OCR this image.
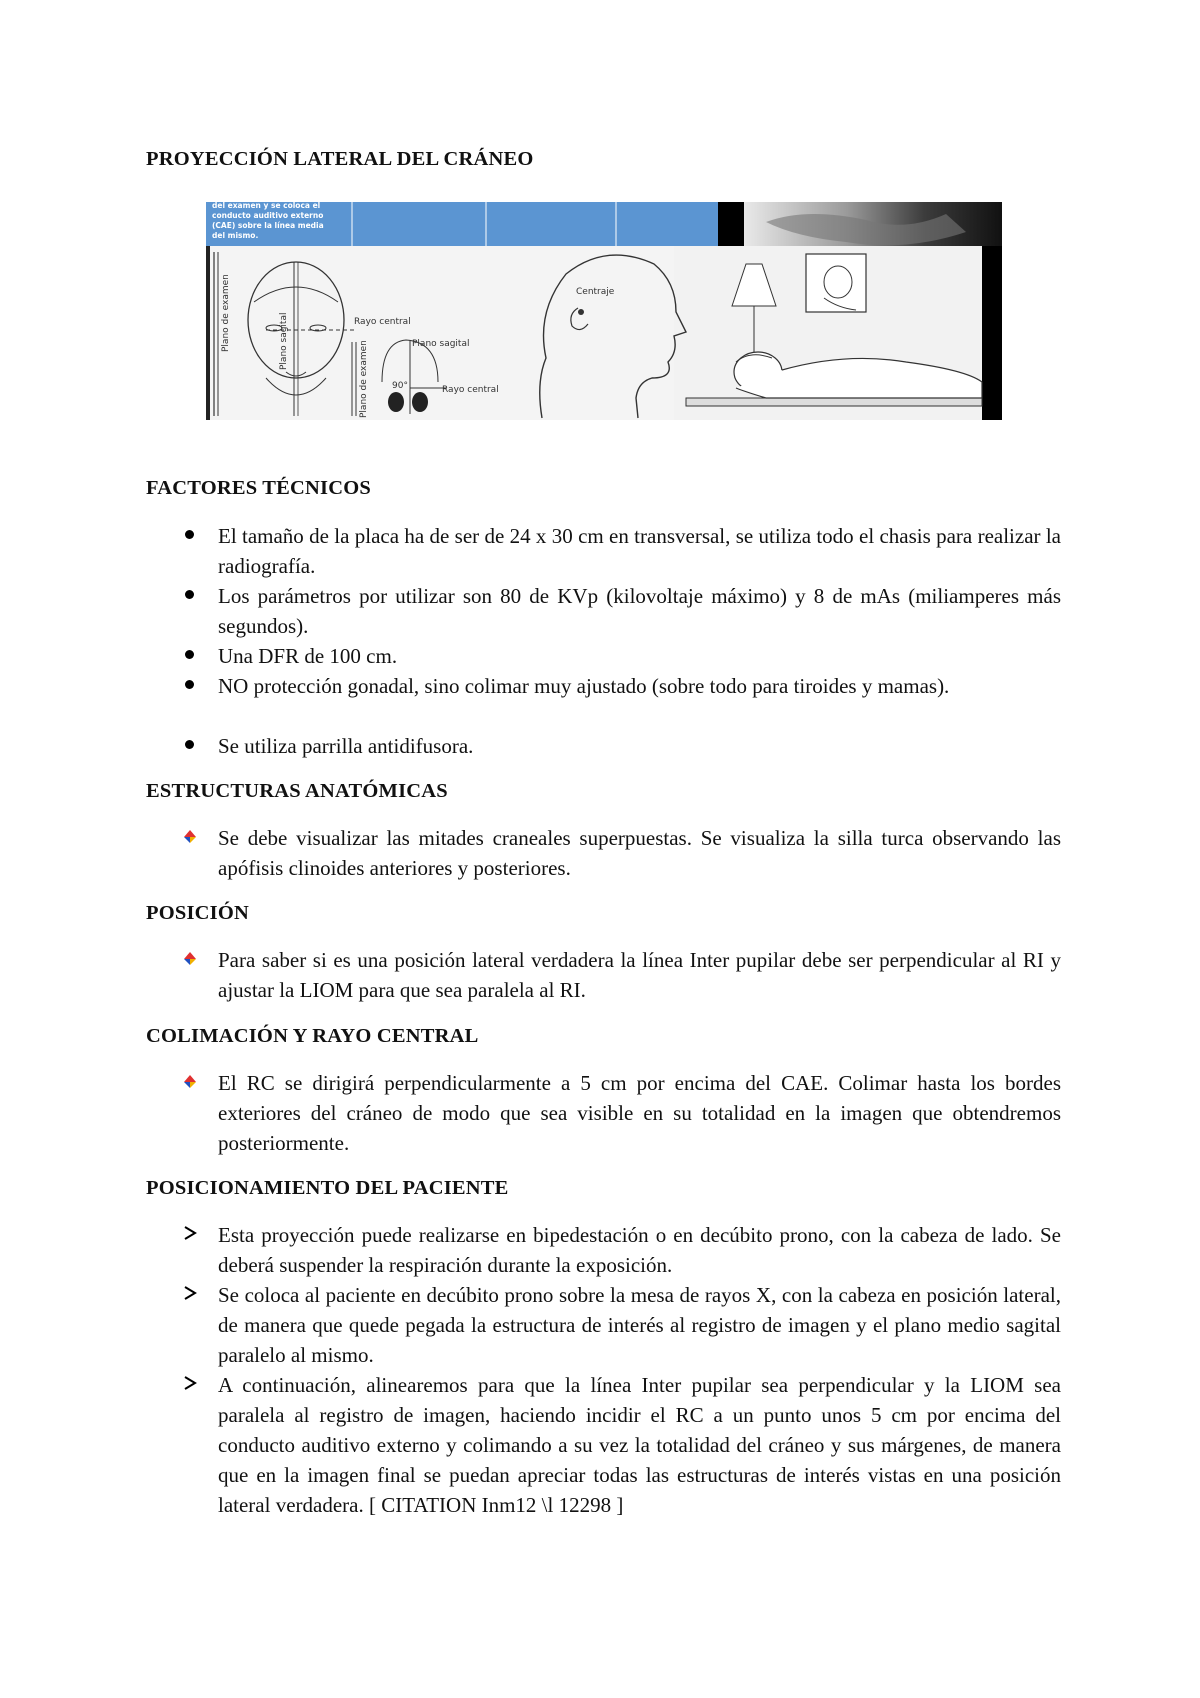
PROYECCIÓN LATERAL DEL CRÁNEO
del examen y se coloca el
conducto auditivo externo
(CAE) sobre la línea media
del mismo.
Plano de examen	Plano sagital	Rayo central
Plano de examen	Plano sagital
90°	Rayo central
Centraje
FACTORES TÉCNICOS

El tamaño de la placa ha de ser de 24 x 30 cm en transversal, se utiliza todo el chasis para realizar la radiografía.

Los parámetros por utilizar son 80 de KVp (kilovoltaje máximo) y 8 de mAs (miliamperes más segundos).

Una DFR de 100 cm.

NO protección gonadal, sino colimar muy ajustado (sobre todo para tiroides y mamas).

Se utiliza parrilla antidifusora.

ESTRUCTURAS ANATÓMICAS

Se debe visualizar las mitades craneales superpuestas. Se visualiza la silla turca observando las apófisis clinoides anteriores y posteriores.

POSICIÓN

Para saber si es una posición lateral verdadera la línea Inter pupilar debe ser perpendicular al RI y ajustar la LIOM para que sea paralela al RI.

COLIMACIÓN Y RAYO CENTRAL

El RC se dirigirá perpendicularmente a 5 cm por encima del CAE. Colimar hasta los bordes exteriores del cráneo de modo que sea visible en su totalidad en la imagen que obtendremos posteriormente.

POSICIONAMIENTO DEL PACIENTE

Esta proyección puede realizarse en bipedestación o en decúbito prono, con la cabeza de lado. Se deberá suspender la respiración durante la exposición.

Se coloca al paciente en decúbito prono sobre la mesa de rayos X, con la cabeza en posición lateral, de manera que quede pegada la estructura de interés al registro de imagen y el plano medio sagital paralelo al mismo.

A continuación, alinearemos para que la línea Inter pupilar sea perpendicular y la LIOM sea paralela al registro de imagen, haciendo incidir el RC a un punto unos 5 cm por encima del conducto auditivo externo y colimando a su vez la totalidad del cráneo y sus márgenes, de manera que en la imagen final se puedan apreciar todas las estructuras de interés vistas en una posición lateral verdadera. [ CITATION Inm12 \l 12298 ]
